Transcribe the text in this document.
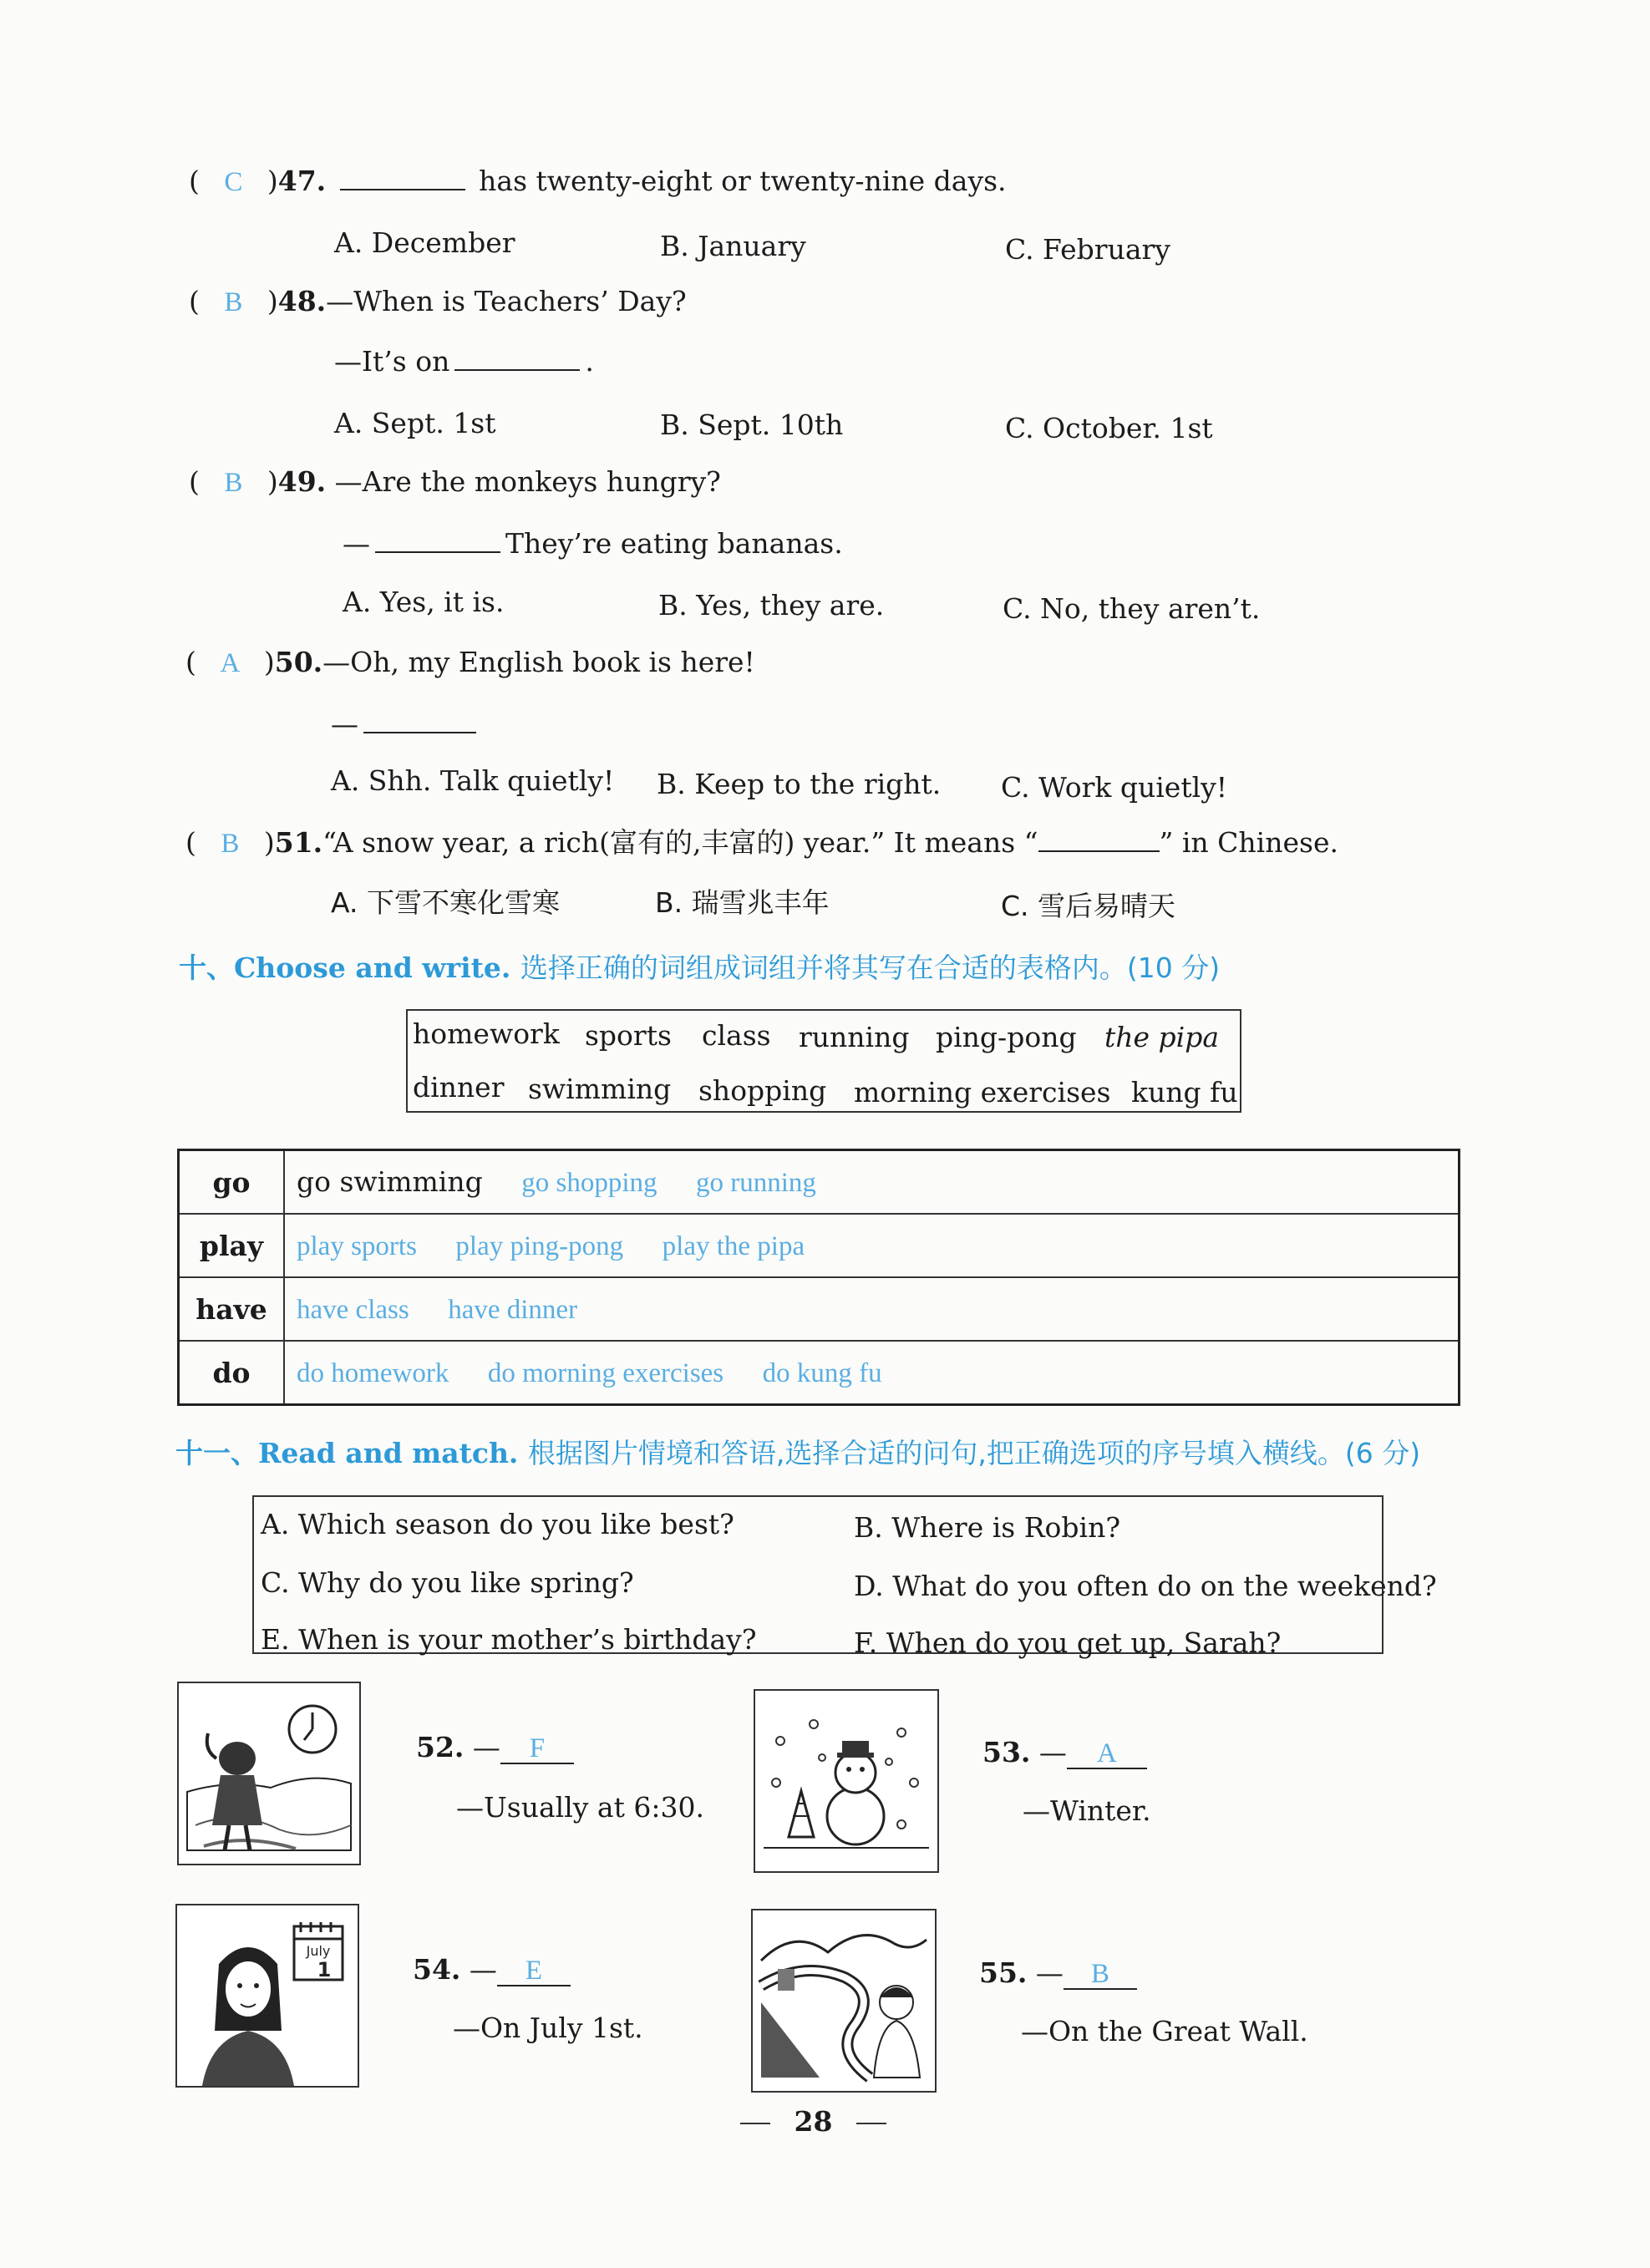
( C )47.	has twenty-eight or twenty-nine days.
A. December	B. January	C. February
( B )48.—When is Teachers’ Day?
—It’s on	.
A. Sept. 1st	B. Sept. 10th	C. October. 1st
( B )49. —Are the monkeys hungry?
—	They’re eating bananas.
A. Yes, it is.	B. Yes, they are.	C. No, they aren’t.
( A )50.—Oh, my English book is here!
—
A. Shh. Talk quietly! B. Keep to the right. C. Work quietly!
( B )51.“A snow year, a rich(富有的,丰富的) year.” It means “	” in Chinese.
A. 下雪不寒化雪寒	B. 瑞雪兆丰年	C. 雪后易晴天
十、Choose and write. 选择正确的词组成词组并将其写在合适的表格内。(10 分)
homework sports class running ping-pong the pipa
dinner swimming shopping morning exercises kung fu
go	go swimming go shopping go running
play	play sports play ping-pong play the pipa
have	have class have dinner
do	do homework do morning exercises do kung fu
十一、Read and match. 根据图片情境和答语,选择合适的问句,把正确选项的序号填入横线。(6 分)
A. Which season do you like best?	B. Where is Robin?
C. Why do you like spring?	D. What do you often do on the weekend?
E. When is your mother’s birthday?	F. When do you get up, Sarah?
52. — F
—Usually at 6:30.
53. — A
—Winter.
July
1	54. — E
—On July 1st.
55. — B
—On the Great Wall.
28
